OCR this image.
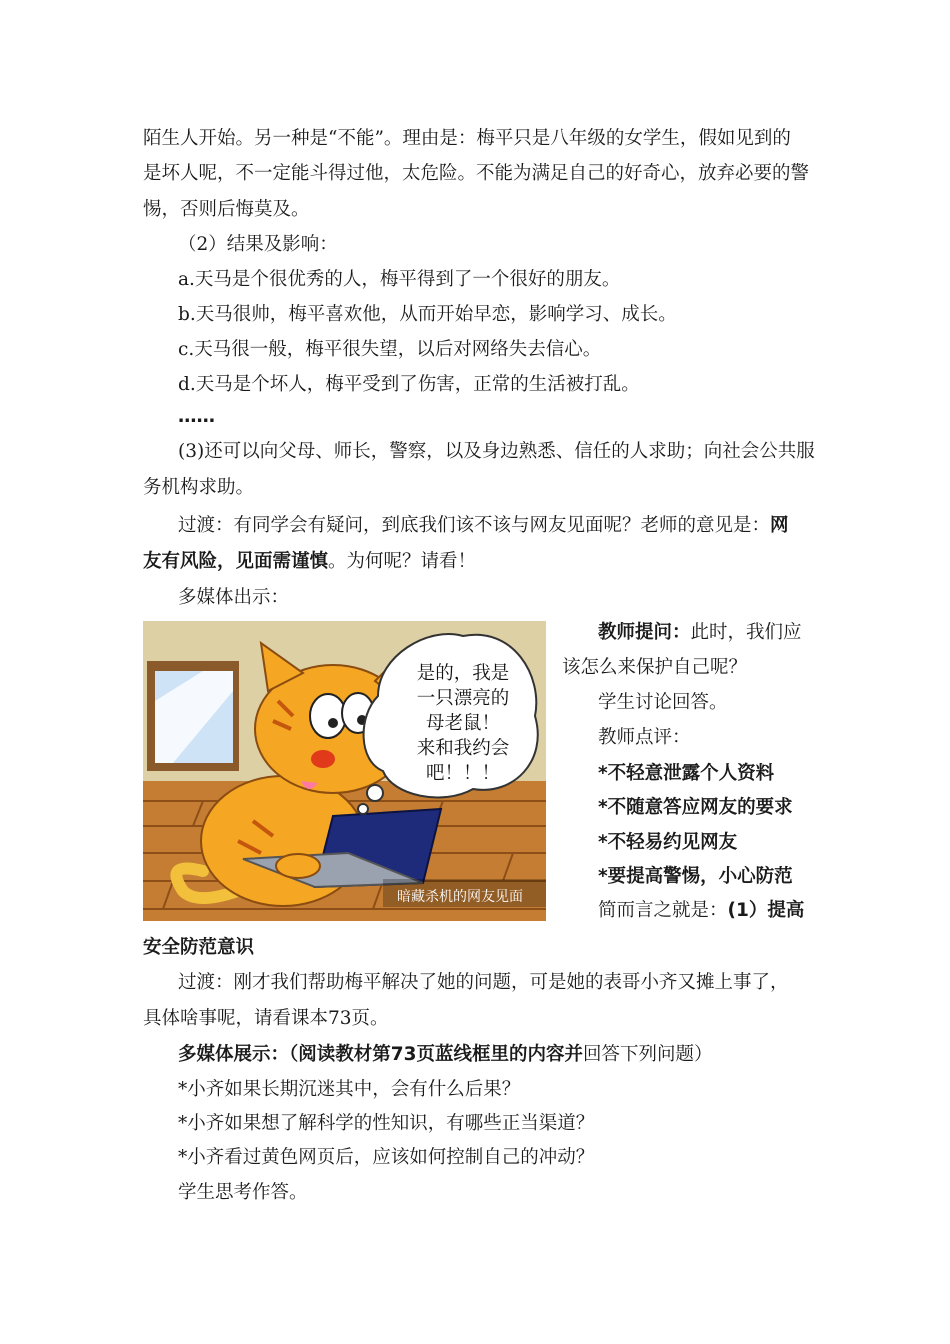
陌生人开始。另一种是“不能”。理由是：梅平只是八年级的女学生，假如见到的
是坏人呢，不一定能斗得过他，太危险。不能为满足自己的好奇心，放弃必要的警
惕，否则后悔莫及。
（2）结果及影响：
a.天马是个很优秀的人，梅平得到了一个很好的朋友。
b.天马很帅，梅平喜欢他，从而开始早恋，影响学习、成长。
c.天马很一般，梅平很失望，以后对网络失去信心。
d.天马是个坏人，梅平受到了伤害，正常的生活被打乱。
……
(3)还可以向父母、师长，警察，以及身边熟悉、信任的人求助；向社会公共服
务机构求助。
过渡：有同学会有疑问，到底我们该不该与网友见面呢？老师的意见是：网
友有风险，见面需谨慎。为何呢？请看！
多媒体出示：
是的，我是
一只漂亮的
母老鼠！
来和我约会
吧！！！
暗藏杀机的网友见面
教师提问：此时，我们应
该怎么来保护自己呢？
学生讨论回答。
教师点评：
*不轻意泄露个人资料
*不随意答应网友的要求
*不轻易约见网友
*要提高警惕，小心防范
简而言之就是：(1）提高
安全防范意识
过渡：刚才我们帮助梅平解决了她的问题，可是她的表哥小齐又摊上事了，
具体啥事呢，请看课本73页。
多媒体展示：（阅读教材第73页蓝线框里的内容并回答下列问题）
*小齐如果长期沉迷其中，会有什么后果？
*小齐如果想了解科学的性知识，有哪些正当渠道？
*小齐看过黄色网页后，应该如何控制自己的冲动？
学生思考作答。
